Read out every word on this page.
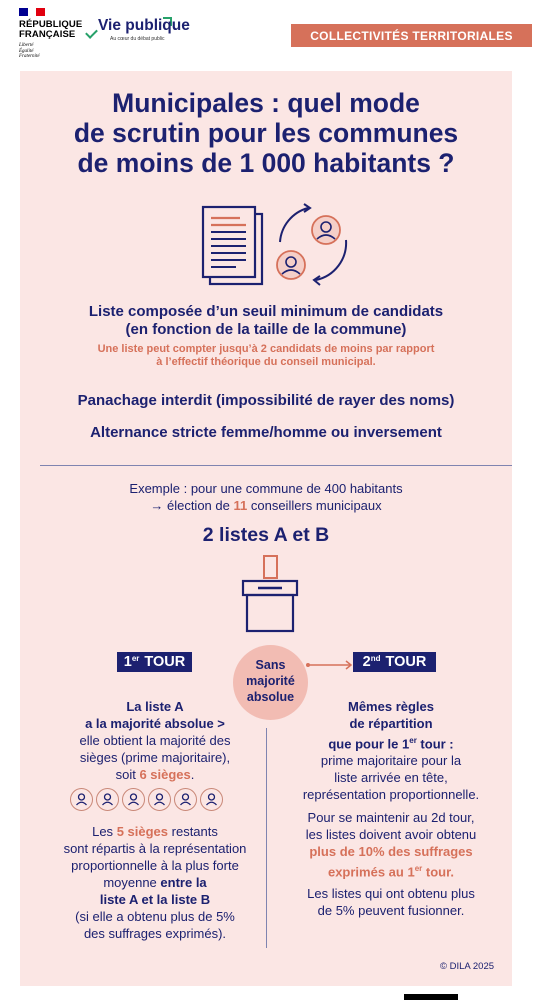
RÉPUBLIQUE
FRANÇAISE
Liberté
Égalité
Fraternité
Vie publique
Au cœur du débat public	COLLECTIVITÉS TERRITORIALES
Municipales : quel mode
de scrutin pour les communes
de moins de 1 000 habitants ?
Liste composée d’un seuil minimum de candidats
(en fonction de la taille de la commune)
Une liste peut compter jusqu’à 2 candidats de moins par rapport
à l’effectif théorique du conseil municipal.
Panachage interdit (impossibilité de rayer des noms)
Alternance stricte femme/homme ou inversement
Exemple : pour une commune de 400 habitants
→ élection de 11 conseillers municipaux
2 listes A et B
1er
TOUR	2nd
TOUR
Sans
majorité
absolue
La liste A
a la majorité absolue >
elle obtient la majorité des
sièges (prime majoritaire),
soit 6 sièges.
Les 5 sièges restants
sont répartis à la représentation
proportionnelle à la plus forte
moyenne entre la
liste A et la liste B
(si elle a obtenu plus de 5%
des suffrages exprimés).
Mêmes règles
de répartition
que pour le 1er tour :
prime majoritaire pour la
liste arrivée en tête,
représentation proportionnelle.
Pour se maintenir au 2d tour,
les listes doivent avoir obtenu
plus de 10% des suffrages
exprimés au 1er tour.
Les listes qui ont obtenu plus
de 5% peuvent fusionner.
© DILA 2025
